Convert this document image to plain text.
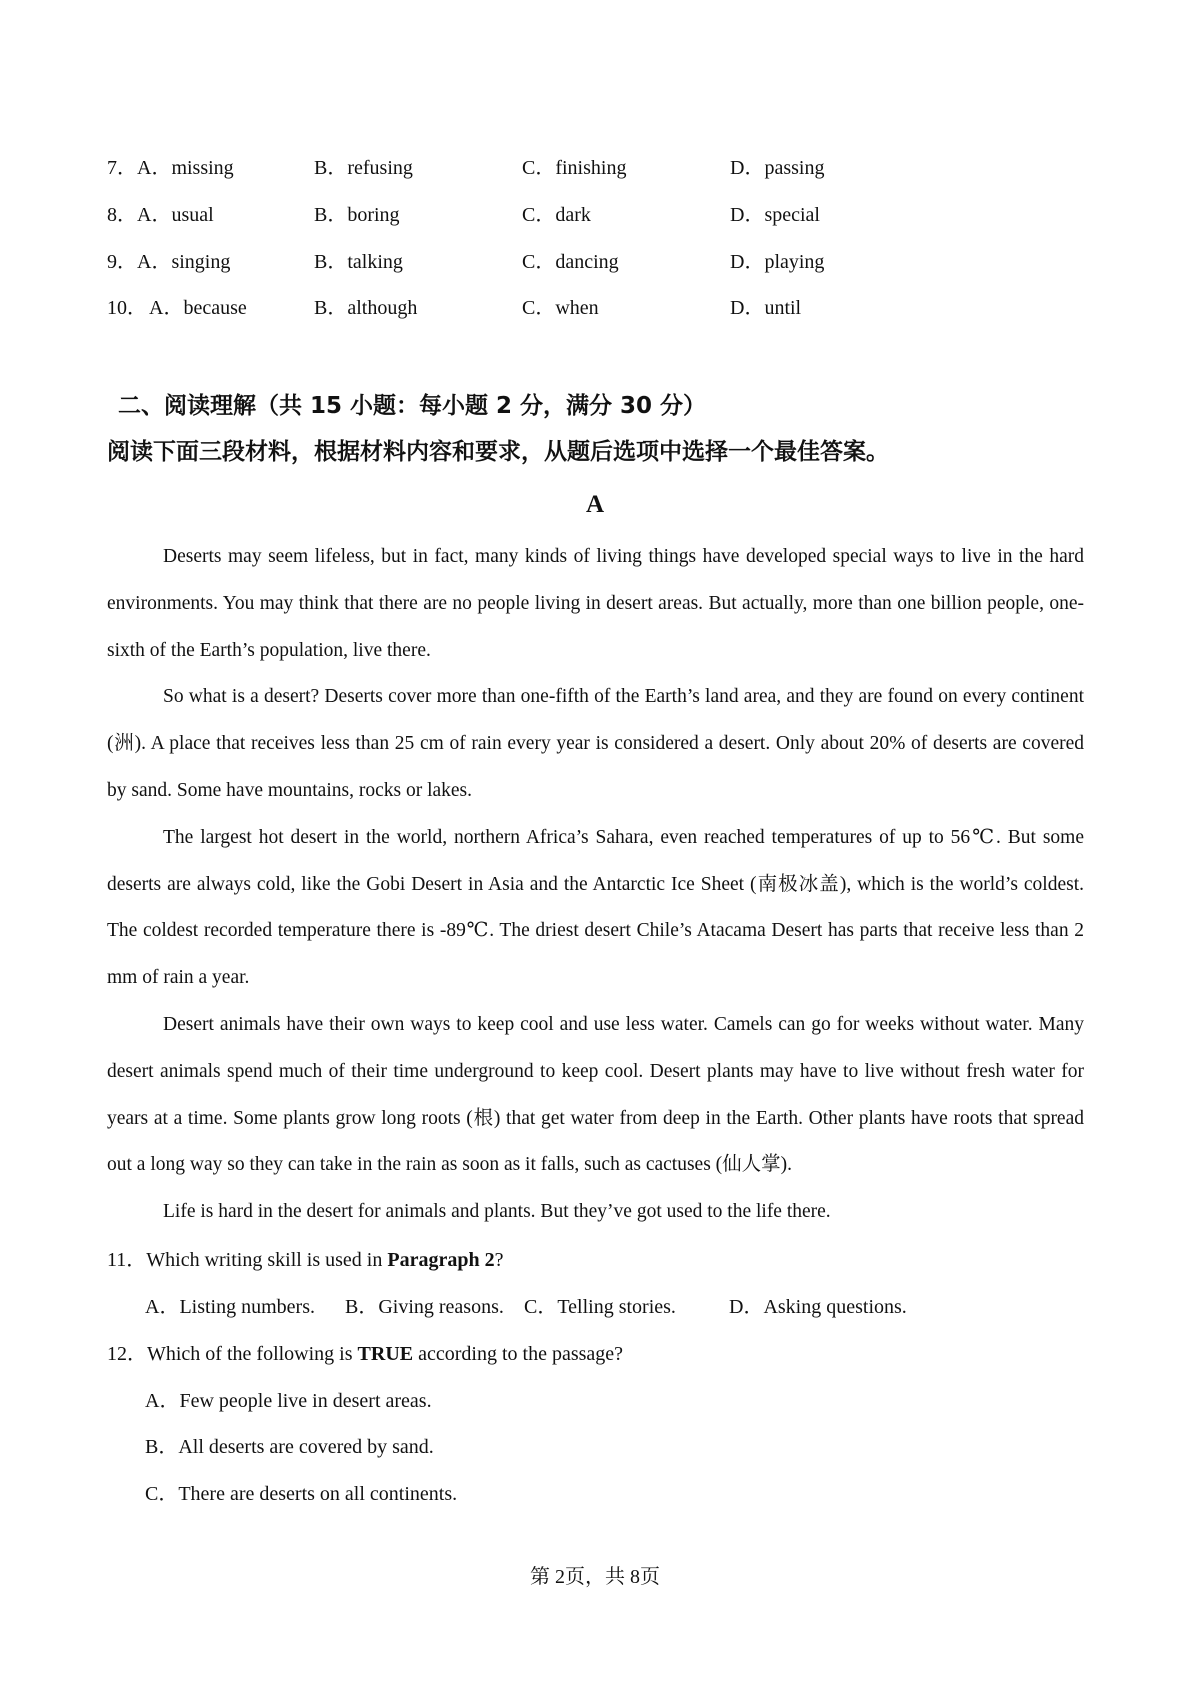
7． A．missing	B．refusing	C．finishing	D．passing
8． A．usual	B．boring	C．dark	D．special
9． A．singing	B．talking	C．dancing	D．playing
10． A．because	B．although	C．when	D．until
二、阅读理解（共 15 小题：每小题 2 分，满分 30 分）
阅读下面三段材料，根据材料内容和要求，从题后选项中选择一个最佳答案。
A

Deserts may seem lifeless, but in fact, many kinds of living things have developed special ways to live in the hard environments. You may think that there are no people living in desert areas. But actually, more than one billion people, one-sixth of the Earth’s population, live there.

So what is a desert? Deserts cover more than one-fifth of the Earth’s land area, and they are found on every continent (洲). A place that receives less than 25 cm of rain every year is considered a desert. Only about 20% of deserts are covered by sand. Some have mountains, rocks or lakes.

The largest hot desert in the world, northern Africa’s Sahara, even reached temperatures of up to 56℃. But some deserts are always cold, like the Gobi Desert in Asia and the Antarctic Ice Sheet (南极冰盖), which is the world’s coldest. The coldest recorded temperature there is -89℃. The driest desert Chile’s Atacama Desert has parts that receive less than 2 mm of rain a year.

Desert animals have their own ways to keep cool and use less water. Camels can go for weeks without water. Many desert animals spend much of their time underground to keep cool. Desert plants may have to live without fresh water for years at a time. Some plants grow long roots (根) that get water from deep in the Earth. Other plants have roots that spread out a long way so they can take in the rain as soon as it falls, such as cactuses (仙人掌).

Life is hard in the desert for animals and plants. But they’ve got used to the life there.

11．Which writing skill is used in Paragraph 2?
A．Listing numbers. B．Giving reasons. C．Telling stories.	D．Asking questions.
12．Which of the following is TRUE according to the passage?
A．Few people live in desert areas.
B．All deserts are covered by sand.
C．There are deserts on all continents.
第 2页，共 8页
